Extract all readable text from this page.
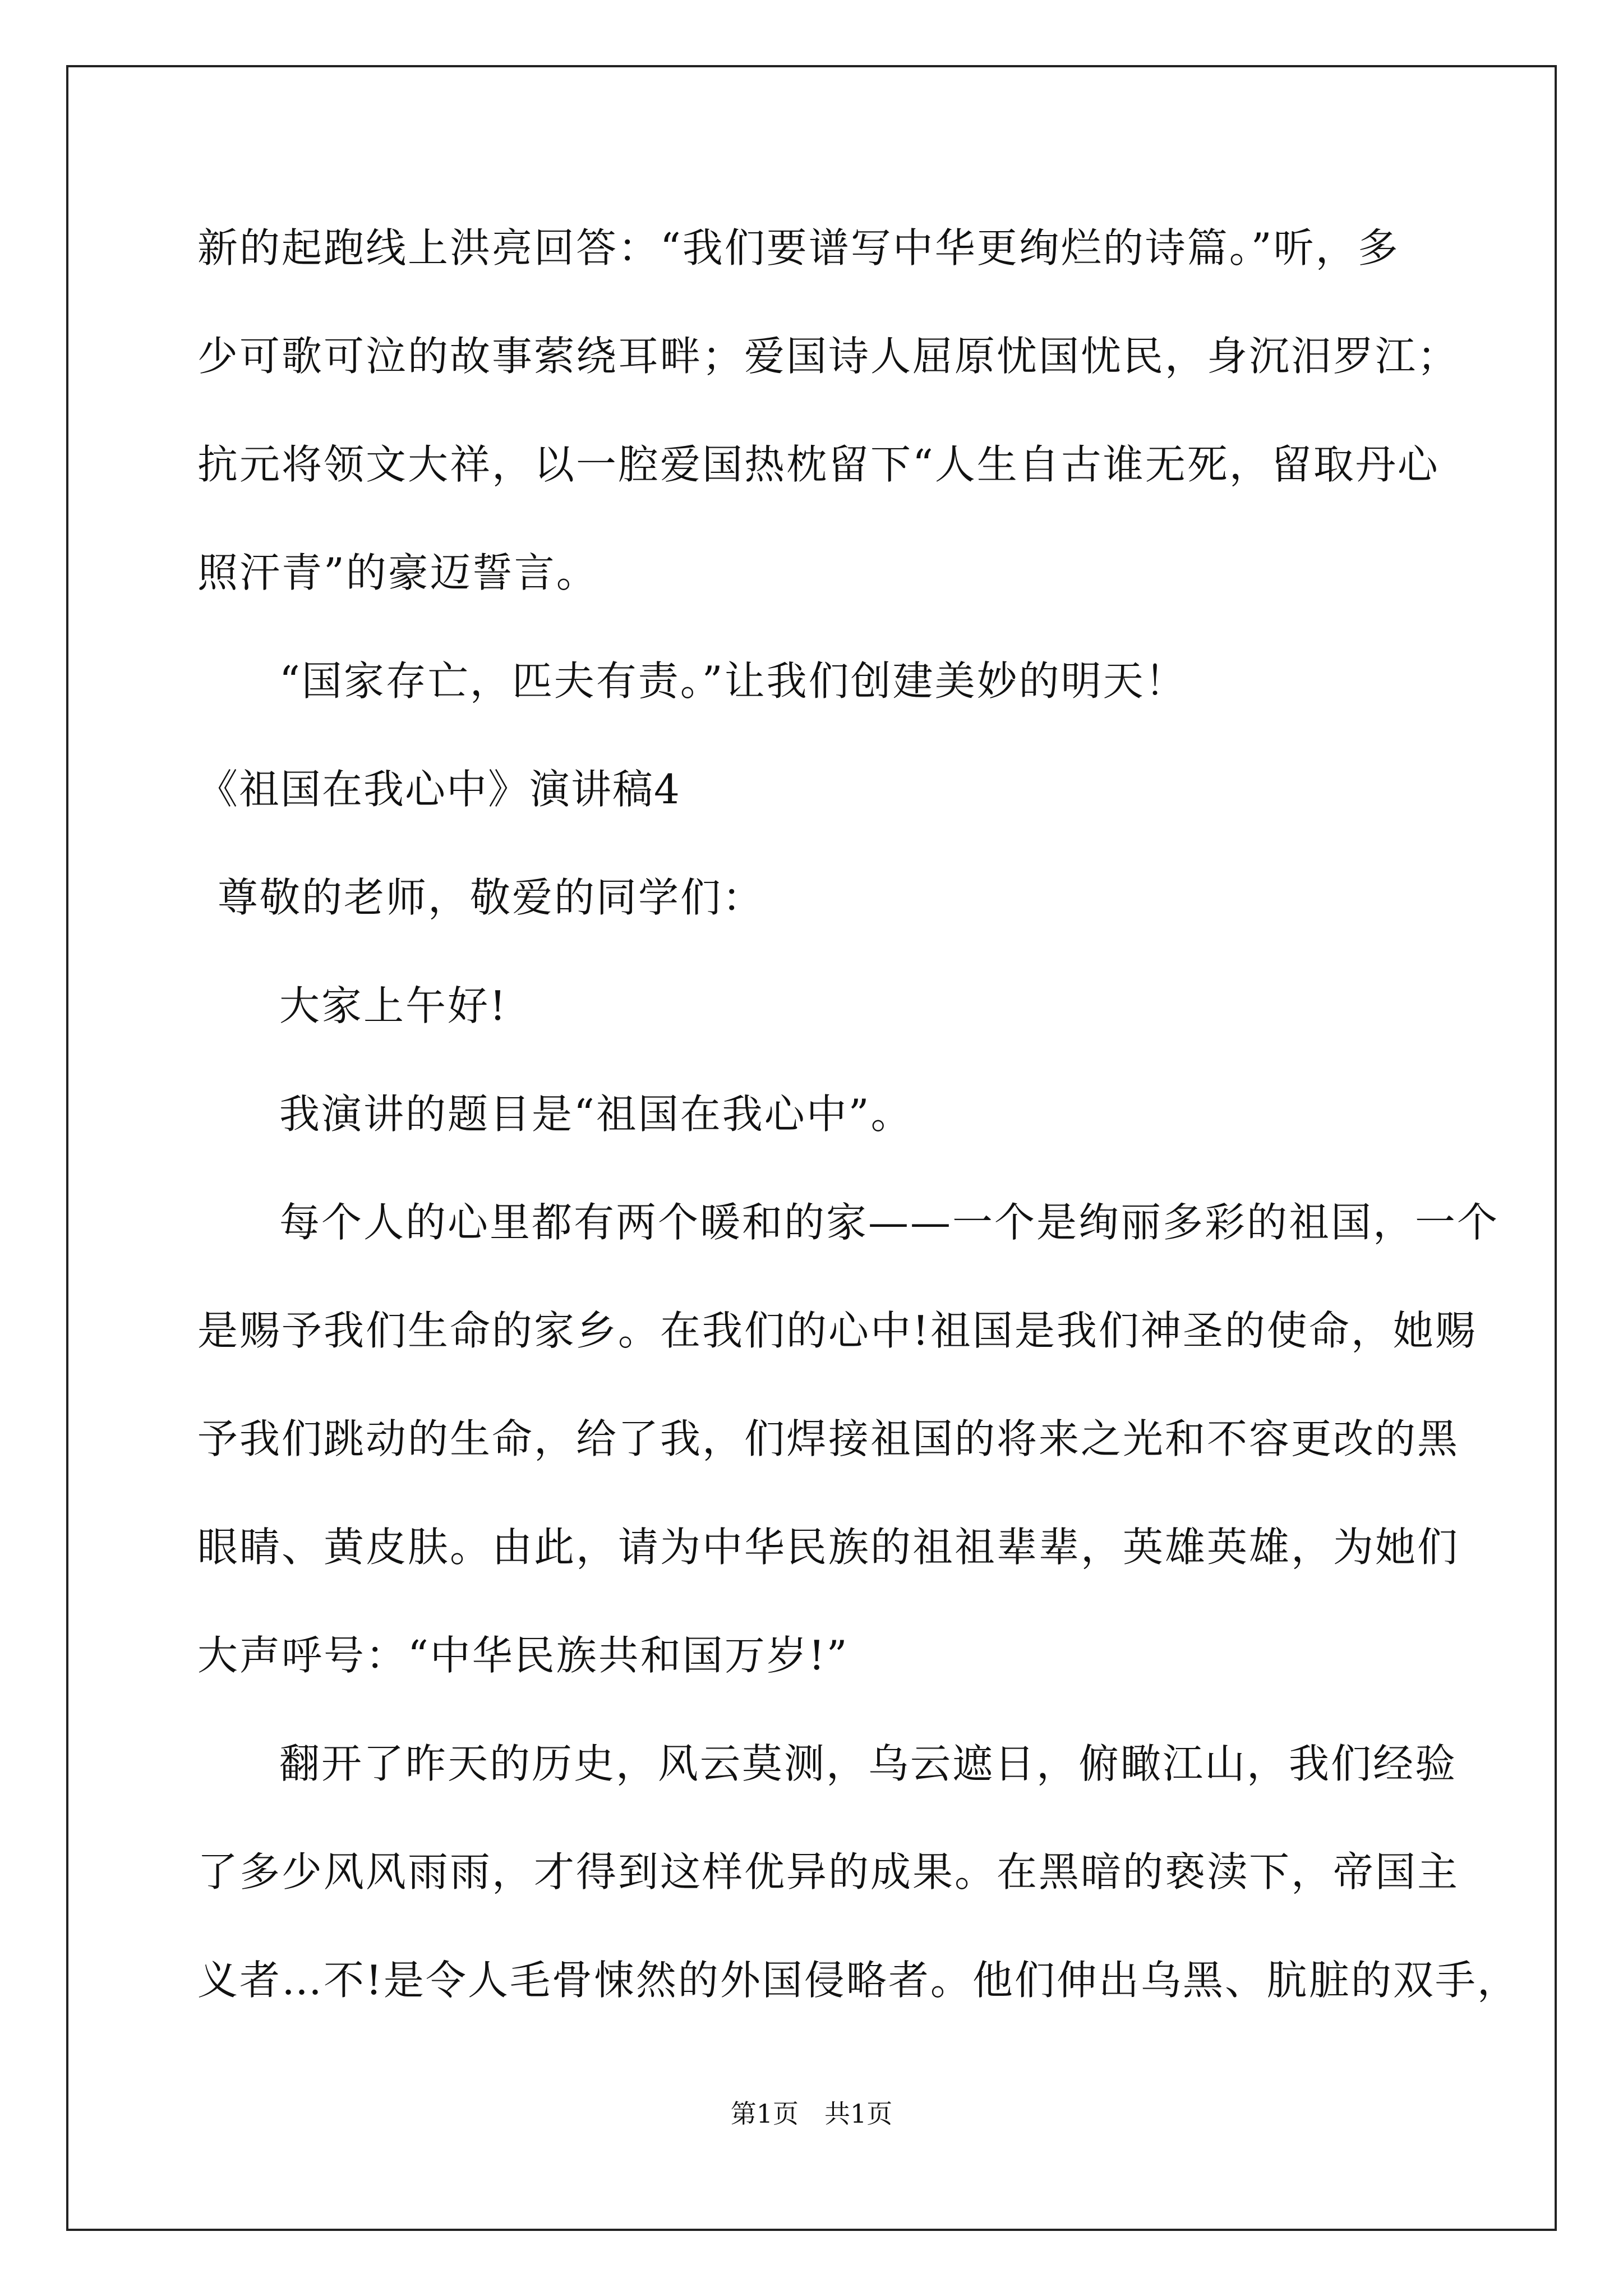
新的起跑线上洪亮回答：“我们要谱写中华更绚烂的诗篇。”听，多
少可歌可泣的故事萦绕耳畔；爱国诗人屈原忧国忧民，身沉汨罗江；
抗元将领文大祥，以一腔爱国热枕留下“人生自古谁无死，留取丹心
照汗青”的豪迈誓言。
“国家存亡，匹夫有责。”让我们创建美妙的明天！
《祖国在我心中》演讲稿4
尊敬的老师，敬爱的同学们：
大家上午好!
我演讲的题目是“祖国在我心中”。
每个人的心里都有两个暖和的家——一个是绚丽多彩的祖国，一个
是赐予我们生命的家乡。在我们的心中!祖国是我们神圣的使命，她赐
予我们跳动的生命，给了我，们焊接祖国的将来之光和不容更改的黑
眼睛、黄皮肤。由此，请为中华民族的祖祖辈辈，英雄英雄，为她们
大声呼号：“中华民族共和国万岁!”
翻开了昨天的历史，风云莫测，乌云遮日，俯瞰江山，我们经验
了多少风风雨雨，才得到这样优异的成果。在黑暗的亵渎下，帝国主
义者…不!是令人毛骨悚然的外国侵略者。他们伸出乌黑、肮脏的双手，
第1页 共1页
